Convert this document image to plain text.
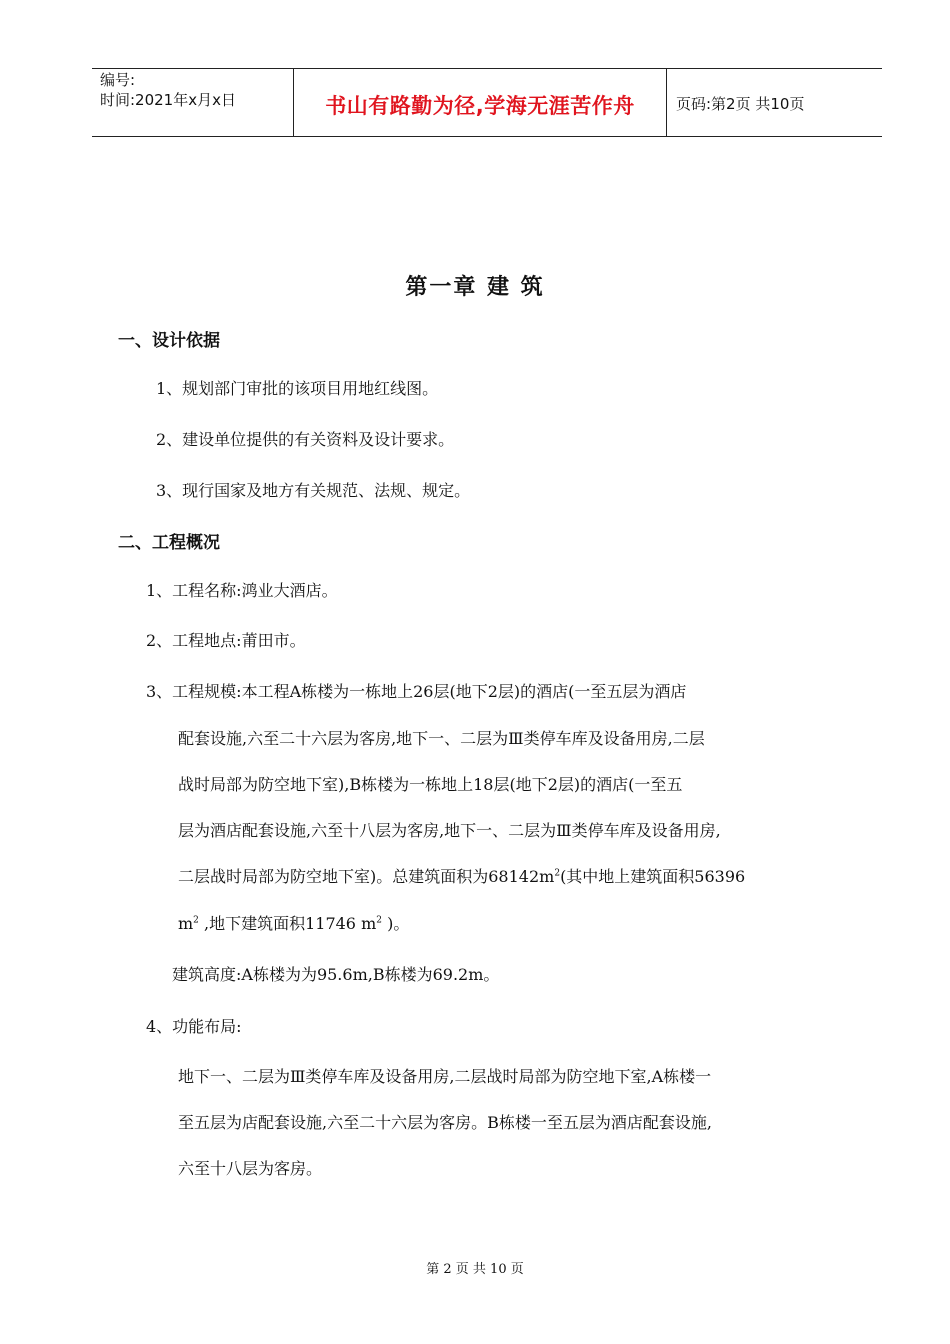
编号:
时间:2021年x月x日	书山有路勤为径,学海无涯苦作舟	页码:第2页 共10页
第一章 建 筑
一、设计依据
1、规划部门审批的该项目用地红线图。
2、建设单位提供的有关资料及设计要求。
3、现行国家及地方有关规范、法规、规定。
二、工程概况
1、工程名称:鸿业大酒店。
2、工程地点:莆田市。
3、工程规模:本工程A栋楼为一栋地上26层(地下2层)的酒店(一至五层为酒店
配套设施,六至二十六层为客房,地下一、二层为Ⅲ类停车库及设备用房,二层
战时局部为防空地下室),B栋楼为一栋地上18层(地下2层)的酒店(一至五
层为酒店配套设施,六至十八层为客房,地下一、二层为Ⅲ类停车库及设备用房,
二层战时局部为防空地下室)。总建筑面积为$68142m^2$(其中地上建筑面积56396
$m^2$ ,地下建筑面积11746 $m^2$ )。
建筑高度:A栋楼为为95.6m,B栋楼为69.2m。
4、功能布局:
地下一、二层为Ⅲ类停车库及设备用房,二层战时局部为防空地下室,A栋楼一
至五层为店配套设施,六至二十六层为客房。B栋楼一至五层为酒店配套设施,
六至十八层为客房。
第 2 页 共 10 页
